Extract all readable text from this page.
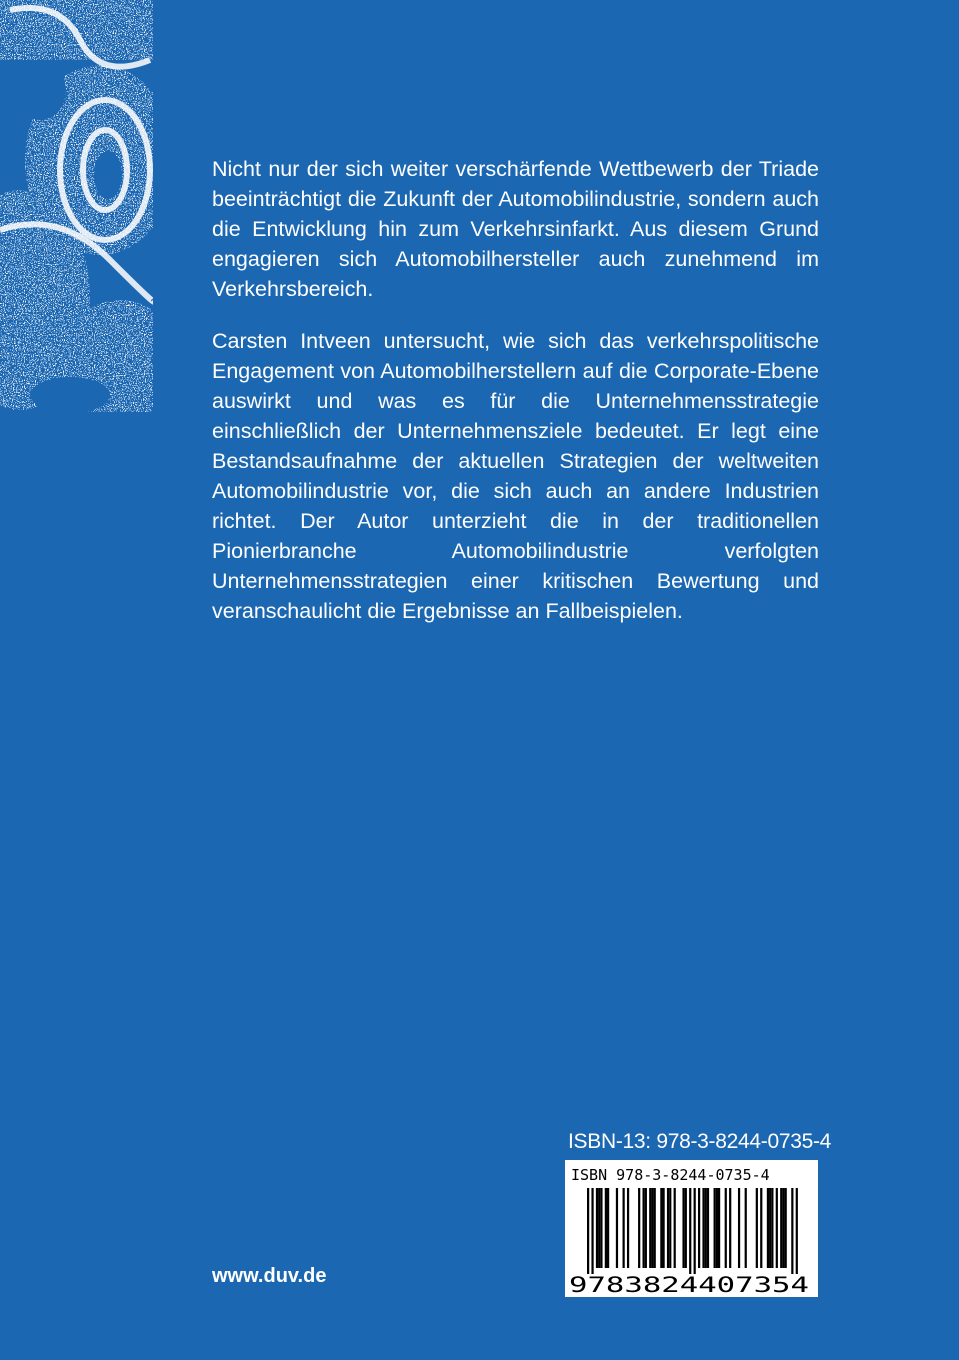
Nicht nur der sich weiter verschärfende Wettbewerb der Triade beeinträchtigt die Zukunft der Automobilindustrie, sondern auch die Entwicklung hin zum Verkehrsinfarkt. Aus diesem Grund engagieren sich Automobilhersteller auch zunehmend im Verkehrsbereich.

Carsten Intveen untersucht, wie sich das verkehrspolitische Engagement von Automobilherstellern auf die Corporate-Ebene auswirkt und was es für die Unternehmensstrategie einschließlich der Unternehmensziele bedeutet. Er legt eine Bestandsaufnahme der aktuellen Strategien der weltweiten Automobilindustrie vor, die sich auch an andere Industrien richtet. Der Autor unterzieht die in der traditionellen Pionierbranche Automobilindustrie verfolgten Unternehmensstrategien einer kritischen Bewertung und veranschaulicht die Ergebnisse an Fallbeispielen.

ISBN-13: 978-3-8244-0735-4
ISBN 978-3-8244-0735-4
9783824407354
www.duv.de
